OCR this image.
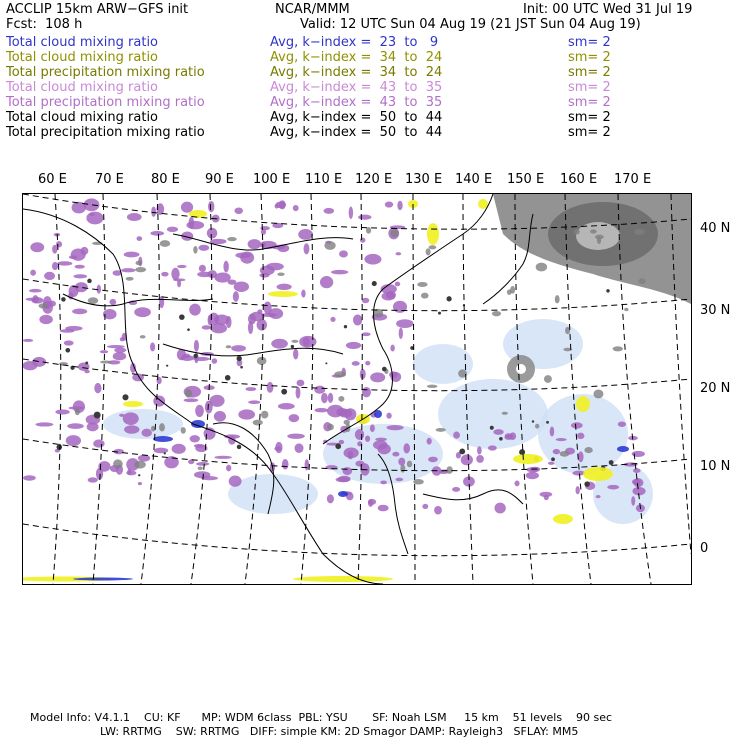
ACCLIP 15km ARW−GFS init	NCAR/MMM	Init: 00 UTC Wed 31 Jul 19
Fcst:  108 h	Valid: 12 UTC Sun 04 Aug 19 (21 JST Sun 04 Aug 19)
Total cloud mixing ratio	Avg, k−index =  23  to   9	sm= 2
Total cloud mixing ratio	Avg, k−index =  34  to  24	sm= 2
Total precipitation mixing ratio	Avg, k−index =  34  to  24	sm= 2
Total cloud mixing ratio	Avg, k−index =  43  to  35	sm= 2
Total precipitation mixing ratio	Avg, k−index =  43  to  35	sm= 2
Total cloud mixing ratio	Avg, k−index =  50  to  44	sm= 2
Total precipitation mixing ratio	Avg, k−index =  50  to  44	sm= 2
60 E 70 E 80 E 90 E 100 E 110 E 120 E 130 E 140 E 150 E 160 E 170 E
40 N
30 N
20 N
10 N
0
Model Info: V4.1.1    CU: KF      MP: WDM 6class  PBL: YSU       SF: Noah LSM     15 km    51 levels    90 sec
LW: RRTMG    SW: RRTMG   DIFF: simple KM: 2D Smagor DAMP: Rayleigh3   SFLAY: MM5
